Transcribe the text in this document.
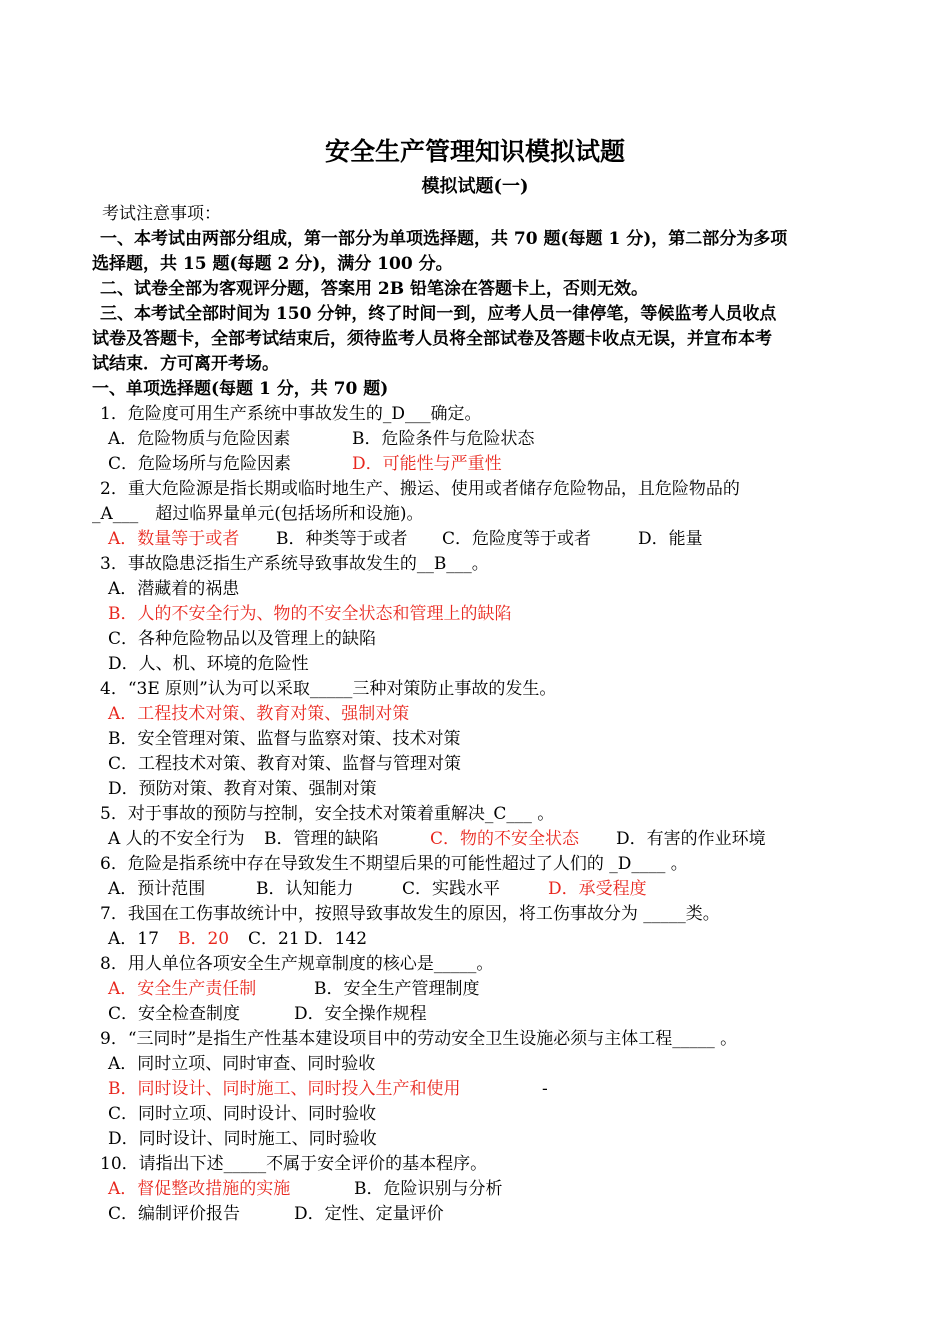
安全生产管理知识模拟试题
模拟试题(一)
考试注意事项：
一、本考试由两部分组成，第一部分为单项选择题，共 70 题(每题 1 分)，第二部分为多项
选择题，共 15 题(每题 2 分)，满分 100 分。
二、试卷全部为客观评分题，答案用 2B 铅笔涂在答题卡上，否则无效。
三、本考试全部时间为 150 分钟，终了时间一到，应考人员一律停笔，等候监考人员收点
试卷及答题卡，全部考试结束后，须待监考人员将全部试卷及答题卡收点无误，并宣布本考
试结束．方可离开考场。
一、单项选择题(每题 1 分，共 70 题)
1．危险度可用生产系统中事故发生的_D___确定。
A．危险物质与危险因素	B．危险条件与危险状态
C．危险场所与危险因素	D．可能性与严重性
2．重大危险源是指长期或临时地生产、搬运、使用或者储存危险物品，且危险物品的
_A___　超过临界量单元(包括场所和设施)。
A．数量等于或者 B．种类等于或者 C．危险度等于或者	D．能量
3．事故隐患泛指生产系统导致事故发生的__B___。
A．潜藏着的祸患
B．人的不安全行为、物的不安全状态和管理上的缺陷
C．各种危险物品以及管理上的缺陷
D．人、机、环境的危险性
4．“3E 原则”认为可以采取_____三种对策防止事故的发生。
A．工程技术对策、教育对策、强制对策
B．安全管理对策、监督与监察对策、技术对策
C．工程技术对策、教育对策、监督与管理对策
D．预防对策、教育对策、强制对策
5．对于事故的预防与控制，安全技术对策着重解决_C___ 。
A 人的不安全行为 B．管理的缺陷	C．物的不安全状态 D．有害的作业环境
6．危险是指系统中存在导致发生不期望后果的可能性超过了人们的 _D____ 。
A．预计范围	B．认知能力	C．实践水平	D．承受程度
7．我国在工伤事故统计中，按照导致事故发生的原因，将工伤事故分为 _____类。
A．17 B．20 C．21 D．142
8．用人单位各项安全生产规章制度的核心是_____。
A．安全生产责任制	B．安全生产管理制度
C．安全检查制度	D．安全操作规程
9．“三同时”是指生产性基本建设项目中的劳动安全卫生设施必须与主体工程_____ 。
A．同时立项、同时审查、同时验收
B．同时设计、同时施工、同时投入生产和使用	-
C．同时立项、同时设计、同时验收
D．同时设计、同时施工、同时验收
10．请指出下述_____不属于安全评价的基本程序。
A．督促整改措施的实施	B．危险识别与分析
C．编制评价报告	D．定性、定量评价
